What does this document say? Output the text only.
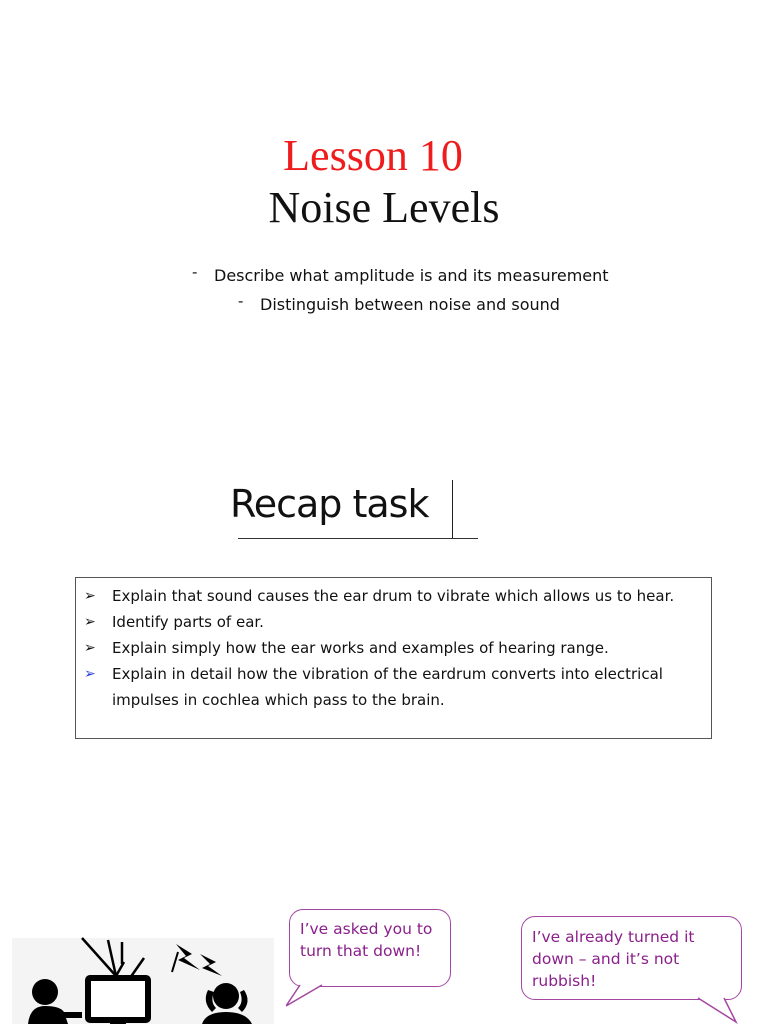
Lesson 10
Noise Levels
- Describe what amplitude is and its measurement
- Distinguish between noise and sound
Recap task
➢	Explain that sound causes the ear drum to vibrate which allows us to hear.
➢	Identify parts of ear.
➢	Explain simply how the ear works and examples of hearing range.
➢	Explain in detail how the vibration of the eardrum converts into electrical impulses in cochlea which pass to the brain.
I’ve asked you to turn that down!
I’ve already turned it down – and it’s not rubbish!
